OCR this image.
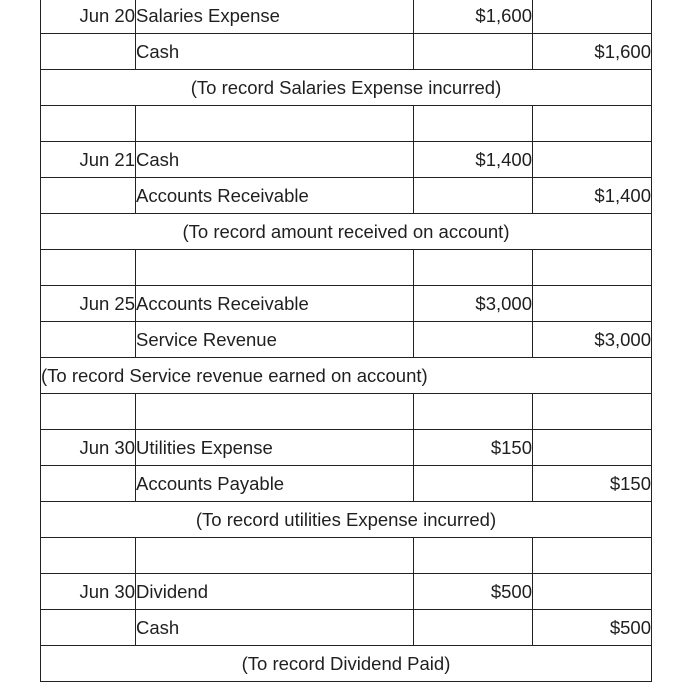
Jun 20	Salaries Expense	$1,600	
	Cash		$1,600
(To record Salaries Expense incurred)			

Jun 21	Cash	$1,400	
	Accounts Receivable		$1,400
(To record amount received on account)			

Jun 25	Accounts Receivable	$3,000	
	Service Revenue		$3,000
(To record Service revenue earned on account)			

Jun 30	Utilities Expense	$150	
	Accounts Payable		$150
(To record utilities Expense incurred)			

Jun 30	Dividend	$500	
	Cash		$500
(To record Dividend Paid)			
